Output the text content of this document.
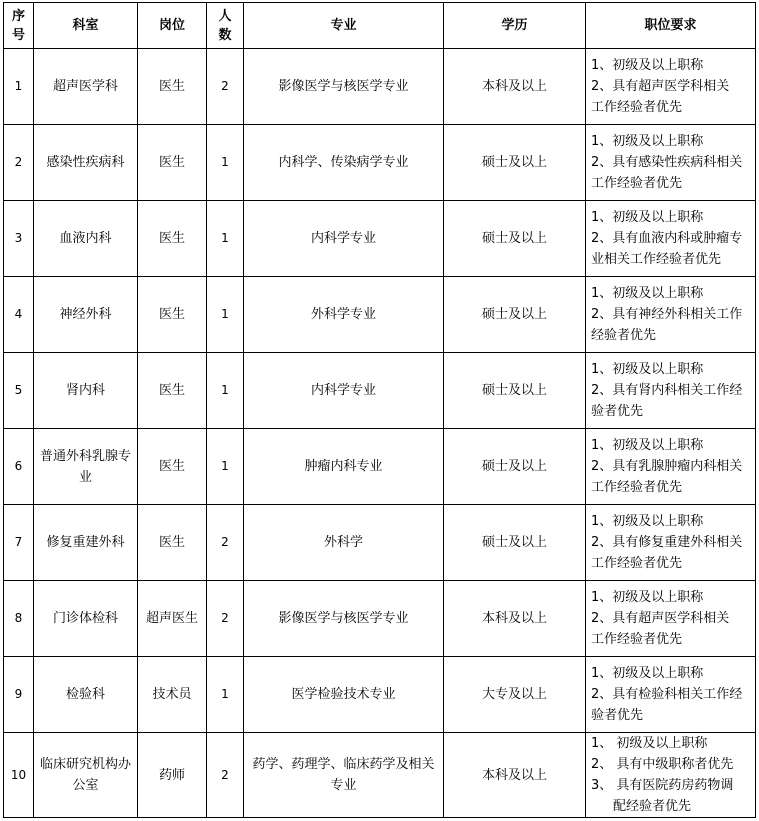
序号	科室	岗位	人数	专业	学历	职位要求
1	超声医学科	医生	2	影像医学与核医学专业	本科及以上	1、初级及以上职称
2、具有超声医学科相关
工作经验者优先

2	感染性疾病科	医生	1	内科学、传染病学专业	硕士及以上	1、初级及以上职称
2、具有感染性疾病科相关
工作经验者优先

3	血液内科	医生	1	内科学专业	硕士及以上	1、初级及以上职称
2、具有血液内科或肿瘤专
业相关工作经验者优先

4	神经外科	医生	1	外科学专业	硕士及以上	1、初级及以上职称
2、具有神经外科相关工作
经验者优先

5	肾内科	医生	1	内科学专业	硕士及以上	1、初级及以上职称
2、具有肾内科相关工作经
验者优先

6	普通外科乳腺专业	医生	1	肿瘤内科专业	硕士及以上	1、初级及以上职称
2、具有乳腺肿瘤内科相关
工作经验者优先

7	修复重建外科	医生	2	外科学	硕士及以上	1、初级及以上职称
2、具有修复重建外科相关
工作经验者优先

8	门诊体检科	超声医生	2	影像医学与核医学专业	本科及以上	1、初级及以上职称
2、具有超声医学科相关
工作经验者优先

9	检验科	技术员	1	医学检验技术专业	大专及以上	1、初级及以上职称
2、具有检验科相关工作经
验者优先

10	临床研究机构办公室	药师	2	药学、药理学、临床药学及相关专业	本科及以上	1、 初级及以上职称
2、 具有中级职称者优先
3、 具有医院药房药物调
配经验者优先
